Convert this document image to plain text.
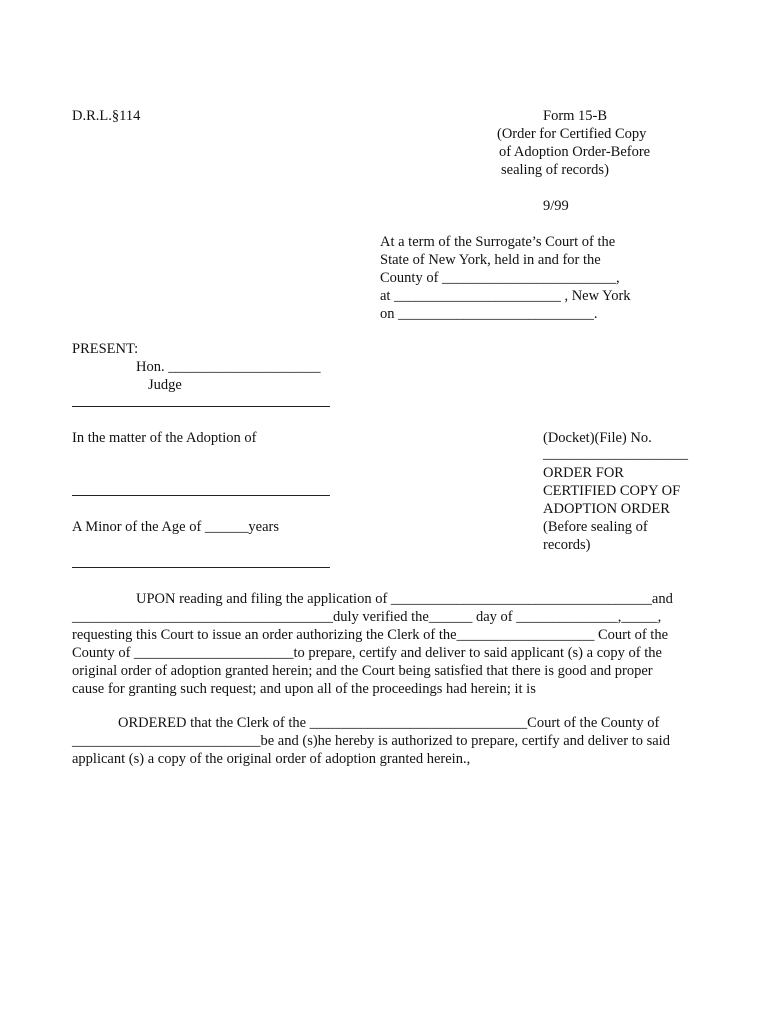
D.R.L.§114	Form 15-B
(Order for Certified Copy
of Adoption Order-Before
sealing of records)
9/99
At a term of the Surrogate’s Court of the
State of New York, held in and for the
County of ________________________,
at _______________________ , New York
on ___________________________.
PRESENT:
Hon. _____________________
Judge
In the matter of the Adoption of
A Minor of the Age of ______years
(Docket)(File) No.
____________________
ORDER FOR
CERTIFIED COPY OF
ADOPTION ORDER
(Before sealing of
records)
UPON reading and filing the application of ____________________________________and
____________________________________duly verified the______ day of ______________,_____,
requesting this Court to issue an order authorizing the Clerk of the___________________ Court of the
County of ______________________to prepare, certify and deliver to said applicant (s) a copy of the
original order of adoption granted herein; and the Court being satisfied that there is good and proper
cause for granting such request; and upon all of the proceedings had herein; it is
ORDERED that the Clerk of the ______________________________Court of the County of
__________________________be and (s)he hereby is authorized to prepare, certify and deliver to said
applicant (s) a copy of the original order of adoption granted herein.,
